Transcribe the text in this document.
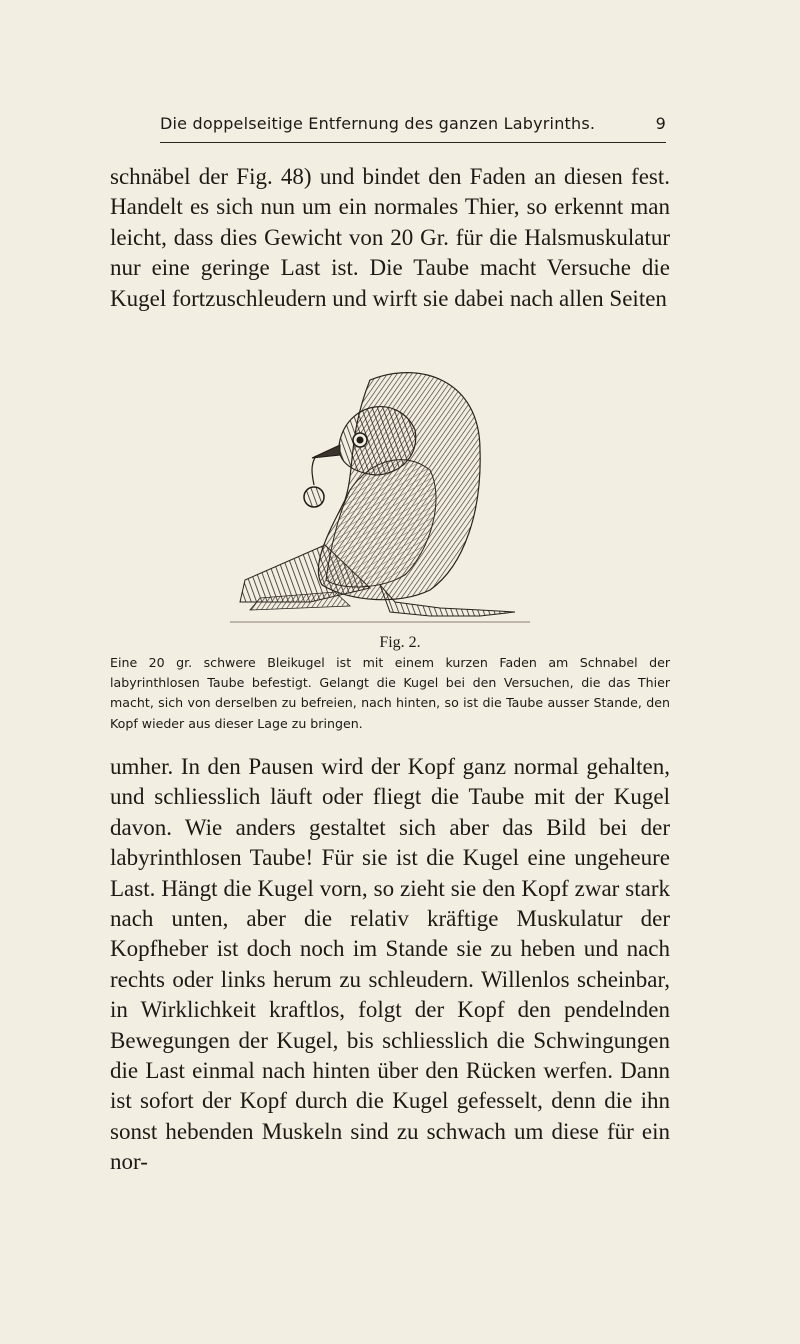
Die doppelseitige Entfernung des ganzen Labyrinths.	9

schnäbel der Fig. 48) und bindet den Faden an diesen fest. Handelt es sich nun um ein normales Thier, so erkennt man leicht, dass dies Gewicht von 20 Gr. für die Halsmuskulatur nur eine geringe Last ist. Die Taube macht Versuche die Kugel fortzuschleudern und wirft sie dabei nach allen Seiten

Fig. 2.

Eine 20 gr. schwere Bleikugel ist mit einem kurzen Faden am Schnabel der labyrinthlosen Taube befestigt. Gelangt die Kugel bei den Versuchen, die das Thier macht, sich von derselben zu befreien, nach hinten, so ist die Taube ausser Stande, den Kopf wieder aus dieser Lage zu bringen.

umher. In den Pausen wird der Kopf ganz normal gehalten, und schliesslich läuft oder fliegt die Taube mit der Kugel davon. Wie anders gestaltet sich aber das Bild bei der labyrinthlosen Taube! Für sie ist die Kugel eine ungeheure Last. Hängt die Kugel vorn, so zieht sie den Kopf zwar stark nach unten, aber die relativ kräftige Muskulatur der Kopfheber ist doch noch im Stande sie zu heben und nach rechts oder links herum zu schleudern. Willenlos scheinbar, in Wirklichkeit kraftlos, folgt der Kopf den pendelnden Bewegungen der Kugel, bis schliesslich die Schwingungen die Last einmal nach hinten über den Rücken werfen. Dann ist sofort der Kopf durch die Kugel gefesselt, denn die ihn sonst hebenden Muskeln sind zu schwach um diese für ein nor-
